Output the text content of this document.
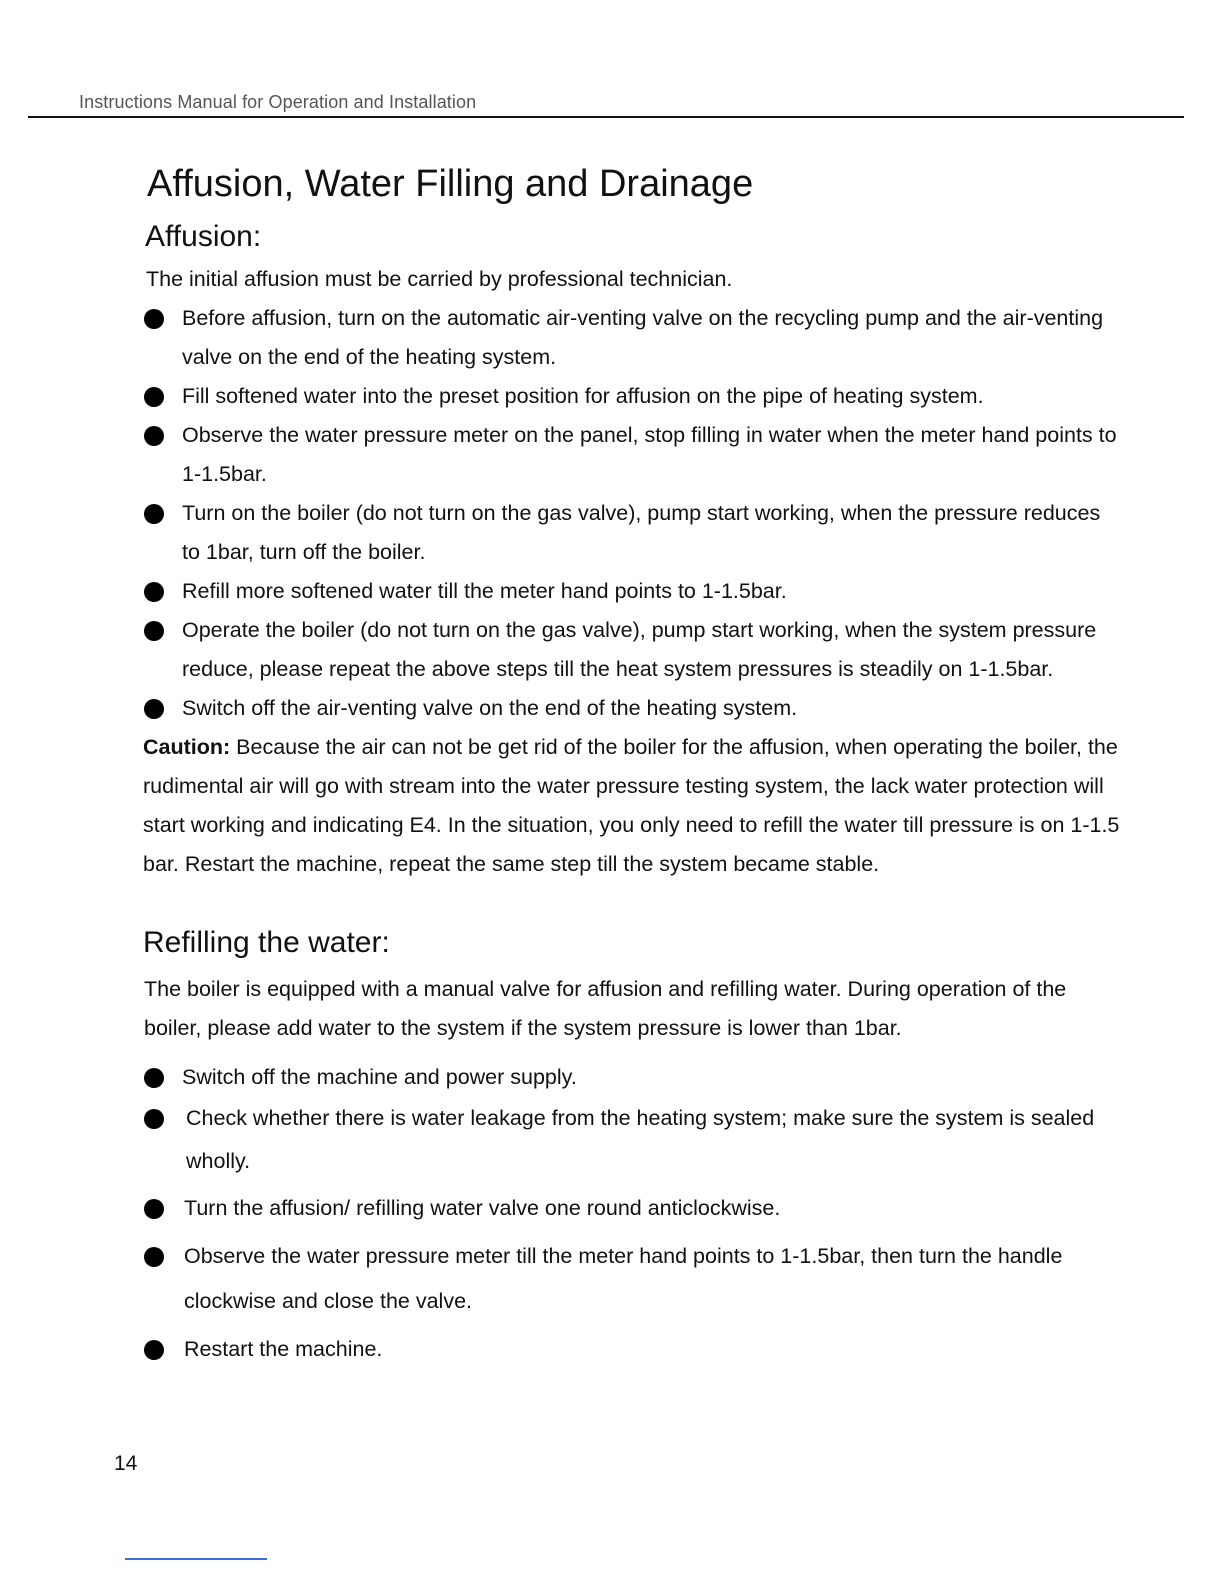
Instructions Manual for Operation and Installation
Affusion, Water Filling and Drainage
Affusion:

The initial affusion must be carried by professional technician.

Before affusion, turn on the automatic air-venting valve on the recycling pump and the air-venting valve on the end of the heating system.
Fill softened water into the preset position for affusion on the pipe of heating system.
Observe the water pressure meter on the panel, stop filling in water when the meter hand points to 1-1.5bar.
Turn on the boiler (do not turn on the gas valve), pump start working, when the pressure reduces to 1bar, turn off the boiler.
Refill more softened water till the meter hand points to 1-1.5bar.
Operate the boiler (do not turn on the gas valve), pump start working, when the system pressure reduce, please repeat the above steps till the heat system pressures is steadily on 1-1.5bar.
Switch off the air-venting valve on the end of the heating system.

Caution: Because the air can not be get rid of the boiler for the affusion, when operating the boiler, the rudimental air will go with stream into the water pressure testing system, the lack water protection will start working and indicating E4. In the situation, you only need to refill the water till pressure is on 1-1.5 bar. Restart the machine, repeat the same step till the system became stable.

Refilling the water:

The boiler is equipped with a manual valve for affusion and refilling water. During operation of the boiler, please add water to the system if the system pressure is lower than 1bar.

Switch off the machine and power supply.
Check whether there is water leakage from the heating system; make sure the system is sealed wholly.
Turn the affusion/ refilling water valve one round anticlockwise.
Observe the water pressure meter till the meter hand points to 1-1.5bar, then turn the handle clockwise and close the valve.
Restart the machine.
14
